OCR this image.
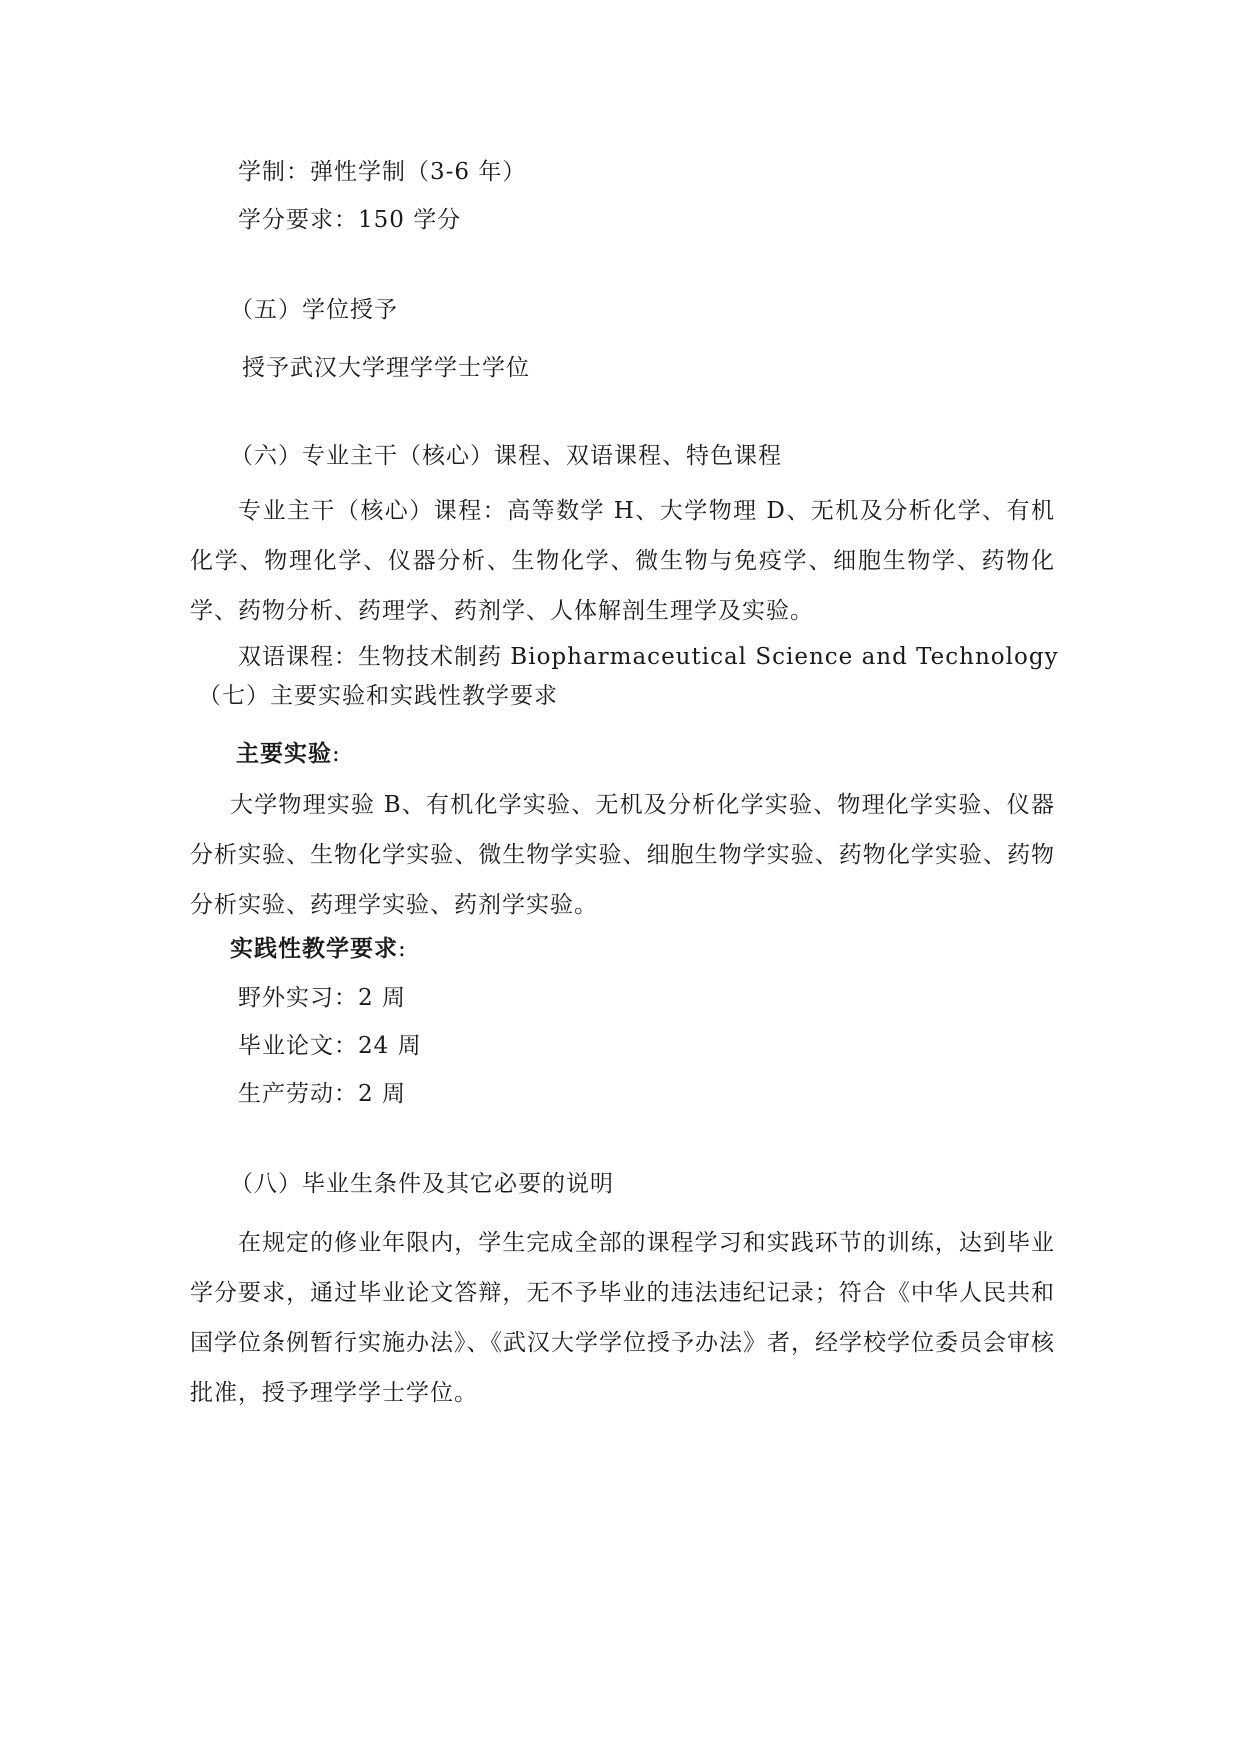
学制：弹性学制（3-6 年）
学分要求：150 学分
（五）学位授予
授予武汉大学理学学士学位
（六）专业主干（核心）课程、双语课程、特色课程
专业主干（核心）课程：高等数学 H、大学物理 D、无机及分析化学、有机化学、物理化学、仪器分析、生物化学、微生物与免疫学、细胞生物学、药物化学、药物分析、药理学、药剂学、人体解剖生理学及实验。
双语课程：生物技术制药 Biopharmaceutical Science and Technology
（七）主要实验和实践性教学要求
主要实验:
大学物理实验 B、有机化学实验、无机及分析化学实验、物理化学实验、仪器分析实验、生物化学实验、微生物学实验、细胞生物学实验、药物化学实验、药物分析实验、药理学实验、药剂学实验。
实践性教学要求:
野外实习：2 周
毕业论文：24 周
生产劳动：2 周
（八）毕业生条件及其它必要的说明
在规定的修业年限内，学生完成全部的课程学习和实践环节的训练，达到毕业学分要求，通过毕业论文答辩，无不予毕业的违法违纪记录；符合《中华人民共和国学位条例暂行实施办法》、《武汉大学学位授予办法》者，经学校学位委员会审核批准，授予理学学士学位。
